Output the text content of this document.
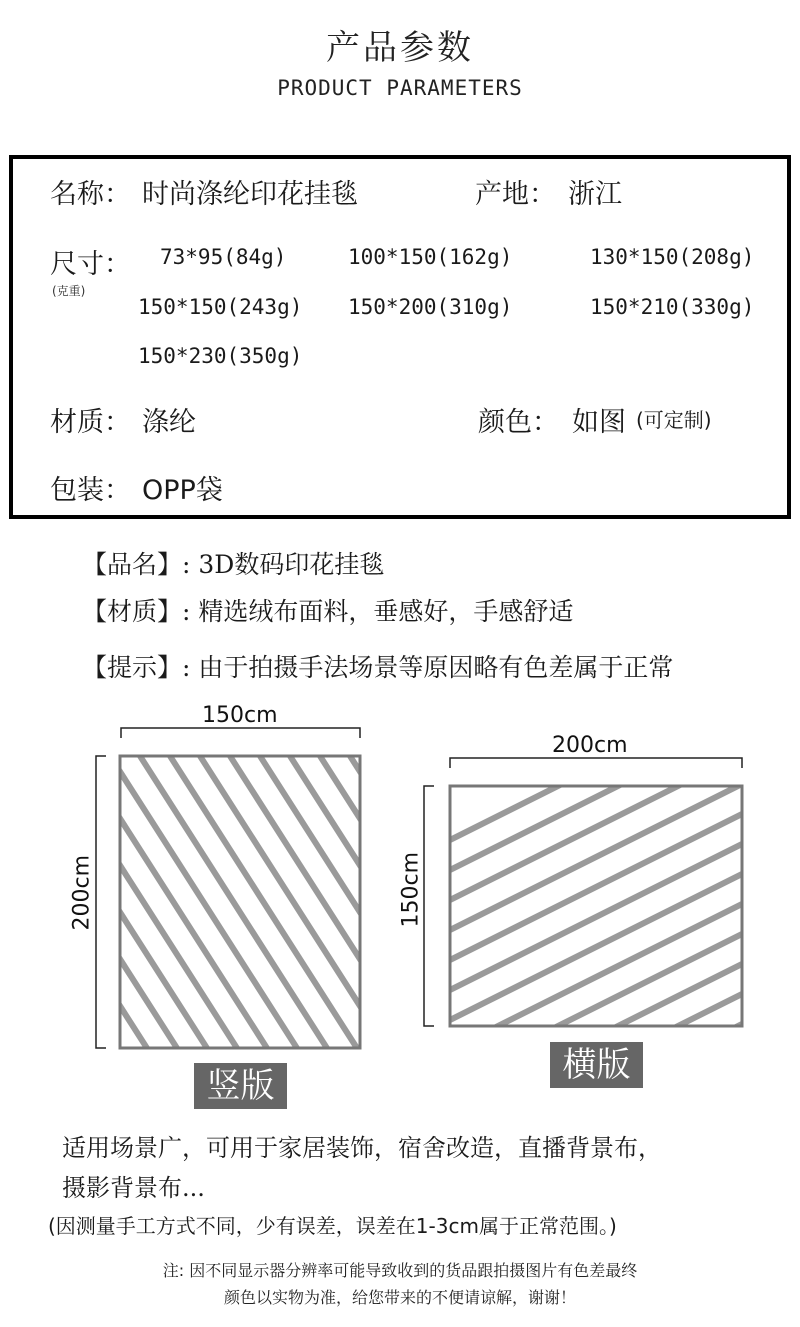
产品参数
PRODUCT PARAMETERS
名称： 时尚涤纶印花挂毯	产地： 浙江
尺寸：
(克重)
73*95(84g)	100*150(162g)	130*150(208g)
150*150(243g) 150*200(310g)	150*210(330g)
150*230(350g)
材质： 涤纶	颜色： 如图 (可定制)
包装： OPP袋
【品名】: 3D数码印花挂毯
【材质】: 精选绒布面料，垂感好，手感舒适
【提示】: 由于拍摄手法场景等原因略有色差属于正常
150cm
200cm
竖版
200cm
150cm
横版
适用场景广，可用于家居装饰，宿舍改造，直播背景布，
摄影背景布...
(因测量手工方式不同，少有误差，误差在1-3cm属于正常范围。)
注: 因不同显示器分辨率可能导致收到的货品跟拍摄图片有色差最终
颜色以实物为准，给您带来的不便请谅解，谢谢！
